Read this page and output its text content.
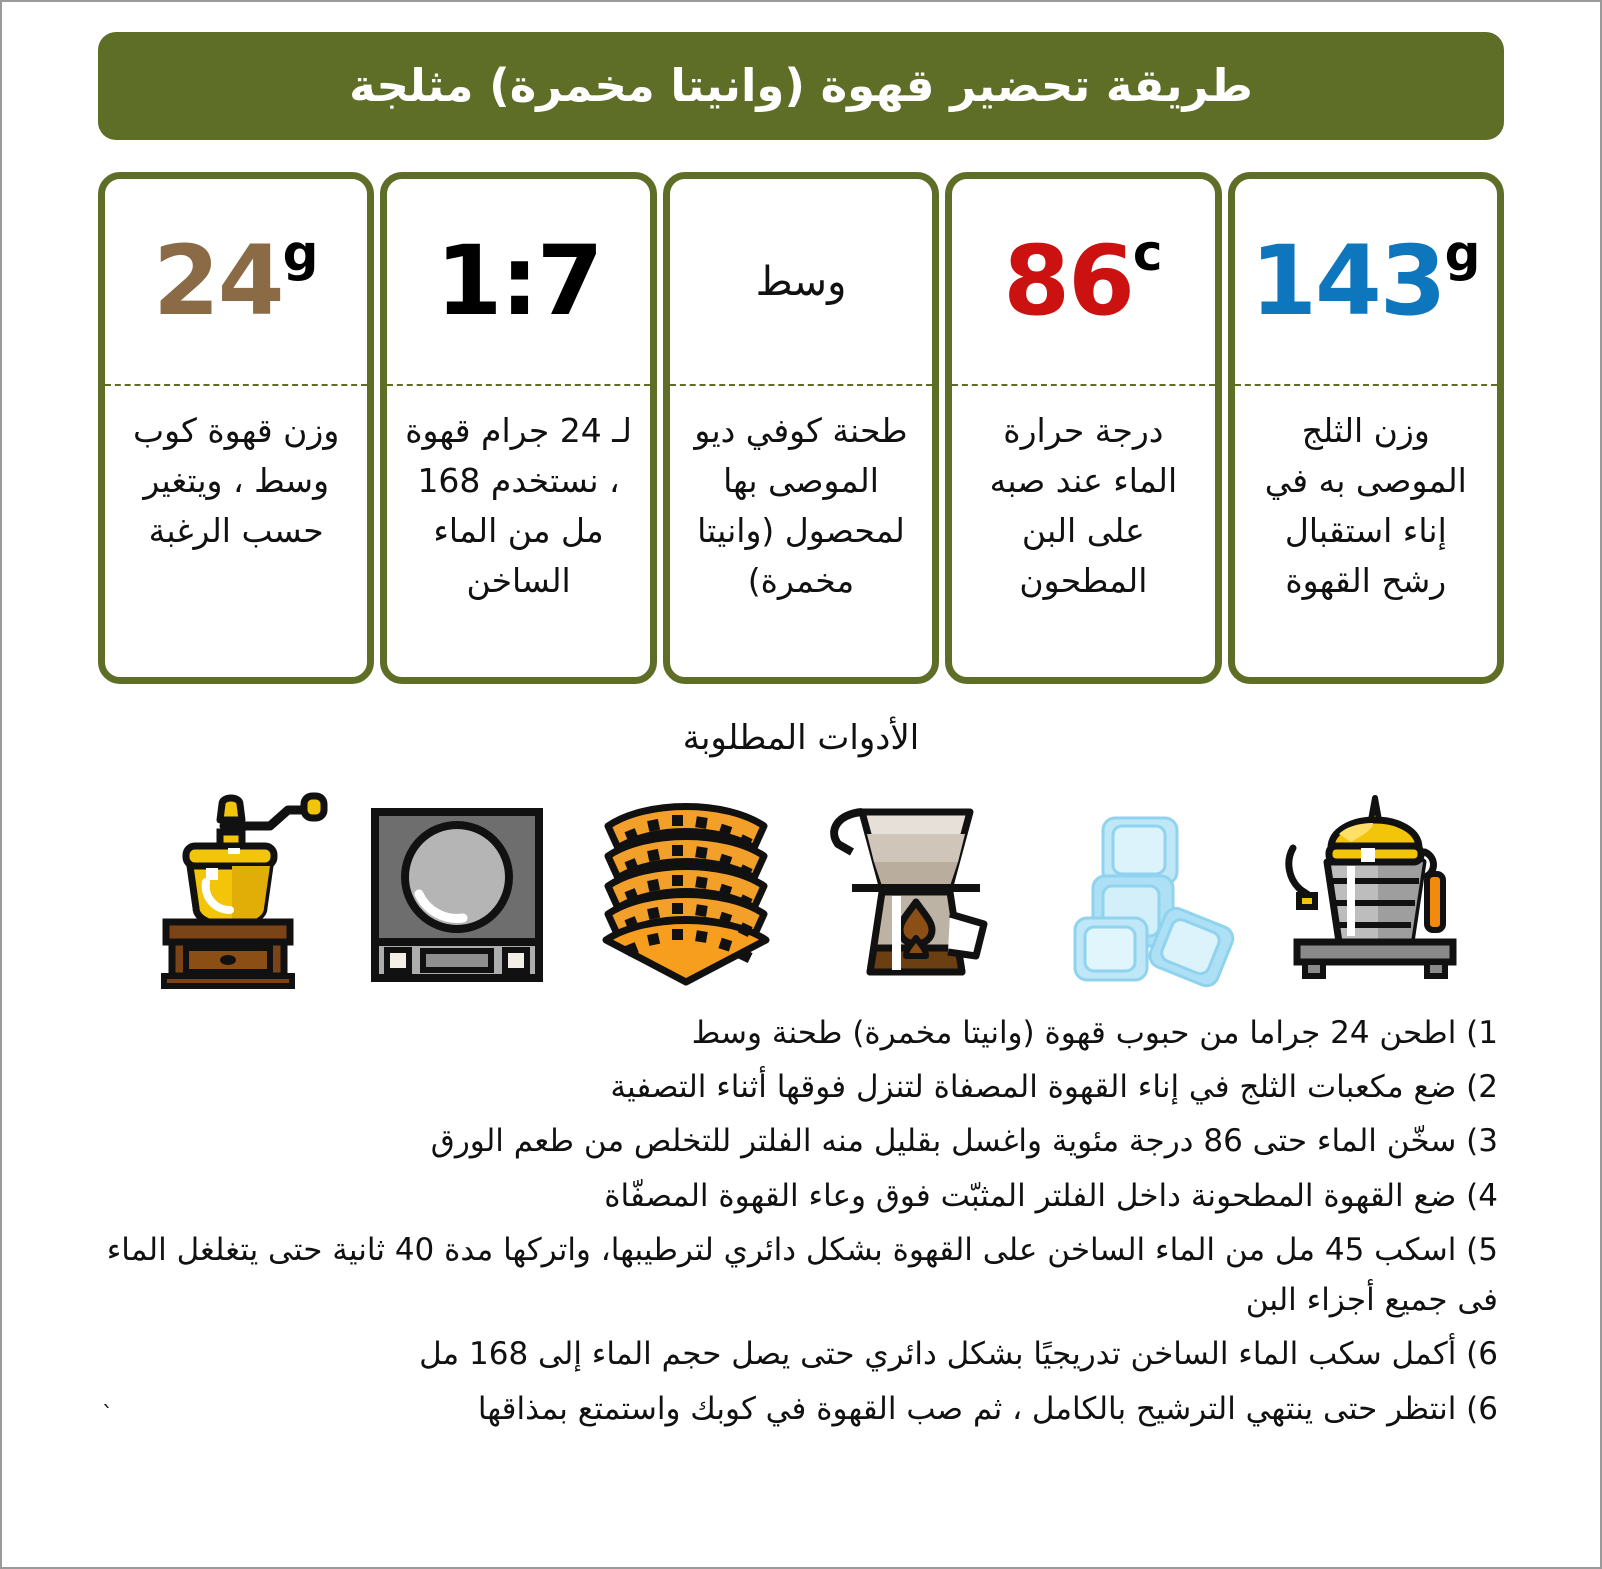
طريقة تحضير قهوة (وانيتا مخمرة) مثلجة
143 g
وزن الثلج الموصى به في إناء استقبال رشح القهوة
86 c
درجة حرارة الماء عند صبه على البن المطحون
وسط
طحنة كوفي ديو الموصى بها لمحصول (وانيتا مخمرة)
1:7
لـ 24 جرام قهوة ، نستخدم 168 مل من الماء الساخن
24 g
وزن قهوة كوب وسط ، ويتغير حسب الرغبة
الأدوات المطلوبة

1) اطحن 24 جراما من حبوب قهوة (وانيتا مخمرة) طحنة وسط

2) ضع مكعبات الثلج في إناء القهوة المصفاة لتنزل فوقها أثناء التصفية

3) سخّن الماء حتى 86 درجة مئوية واغسل بقليل منه الفلتر للتخلص من طعم الورق

4) ضع القهوة المطحونة داخل الفلتر المثبّت فوق وعاء القهوة المصفّاة

5) اسكب 45 مل من الماء الساخن على القهوة بشكل دائري لترطيبها، واتركها مدة 40 ثانية حتى يتغلغل الماء فى جميع أجزاء البن

6) أكمل سكب الماء الساخن تدريجيًا بشكل دائري حتى يصل حجم الماء إلى 168 مل

`	6) انتظر حتى ينتهي الترشيح بالكامل ، ثم صب القهوة في كوبك واستمتع بمذاقها
